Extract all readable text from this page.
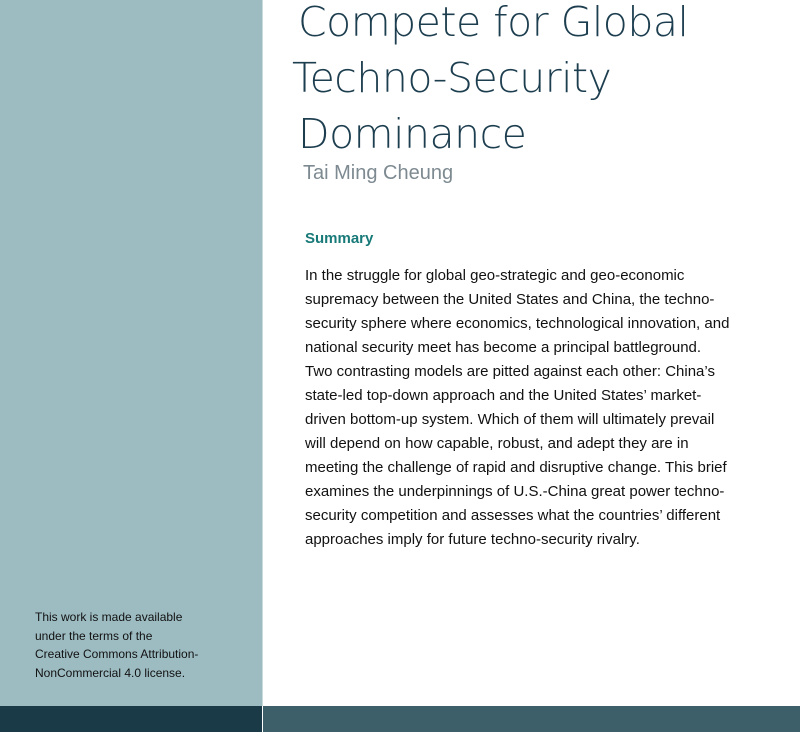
This work is made available
under the terms of the
Creative Commons Attribution-
NonCommercial 4.0 license.

Compete for Global
Techno-Security
Dominance

Tai Ming Cheung

Summary

In the struggle for global geo-strategic and geo-economic
supremacy between the United States and China, the techno-
security sphere where economics, technological innovation, and
national security meet has become a principal battleground.
Two contrasting models are pitted against each other: China’s
state-led top-down approach and the United States’ market-
driven bottom-up system. Which of them will ultimately prevail
will depend on how capable, robust, and adept they are in
meeting the challenge of rapid and disruptive change. This brief
examines the underpinnings of U.S.-China great power techno-
security competition and assesses what the countries’ different
approaches imply for future techno-security rivalry.
